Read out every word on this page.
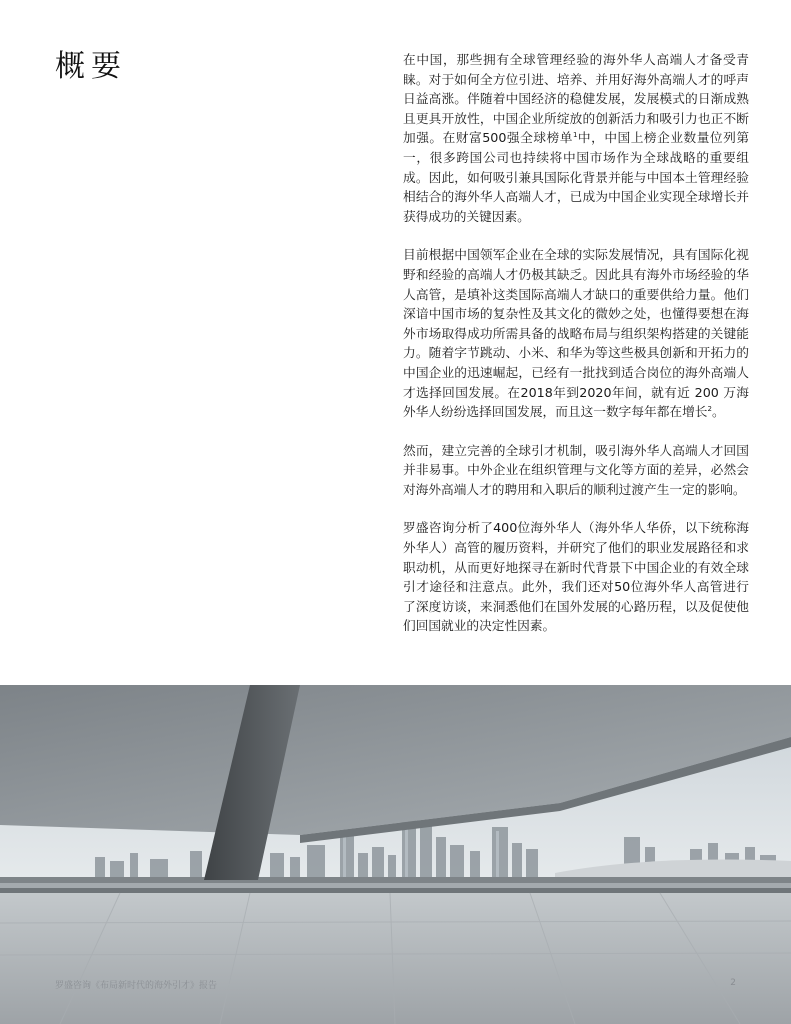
概要	在中国，那些拥有全球管理经验的海外华人高端人才备受青睐。对于如何全方位引进、培养、并用好海外高端人才的呼声日益高涨。伴随着中国经济的稳健发展，发展模式的日渐成熟且更具开放性，中国企业所绽放的创新活力和吸引力也正不断加强。在财富500强全球榜单$^1$中，中国上榜企业数量位列第一，很多跨国公司也持续将中国市场作为全球战略的重要组成。因此，如何吸引兼具国际化背景并能与中国本土管理经验相结合的海外华人高端人才，已成为中国企业实现全球增长并获得成功的关键因素。

目前根据中国领军企业在全球的实际发展情况，具有国际化视野和经验的高端人才仍极其缺乏。因此具有海外市场经验的华人高管，是填补这类国际高端人才缺口的重要供给力量。他们深谙中国市场的复杂性及其文化的微妙之处，也懂得要想在海外市场取得成功所需具备的战略布局与组织架构搭建的关键能力。随着字节跳动、小米、和华为等这些极具创新和开拓力的中国企业的迅速崛起，已经有一批找到适合岗位的海外高端人才选择回国发展。在2018年到2020年间，就有近 200 万海外华人纷纷选择回国发展，而且这一数字每年都在增长$^2$。

然而，建立完善的全球引才机制，吸引海外华人高端人才回国并非易事。中外企业在组织管理与文化等方面的差异，必然会对海外高端人才的聘用和入职后的顺利过渡产生一定的影响。

罗盛咨询分析了400位海外华人（海外华人华侨，以下统称海外华人）高管的履历资料，并研究了他们的职业发展路径和求职动机，从而更好地探寻在新时代背景下中国企业的有效全球引才途径和注意点。此外，我们还对50位海外华人高管进行了深度访谈，来洞悉他们在国外发展的心路历程，以及促使他们回国就业的决定性因素。

罗盛咨询《布局新时代的海外引才》报告	2
